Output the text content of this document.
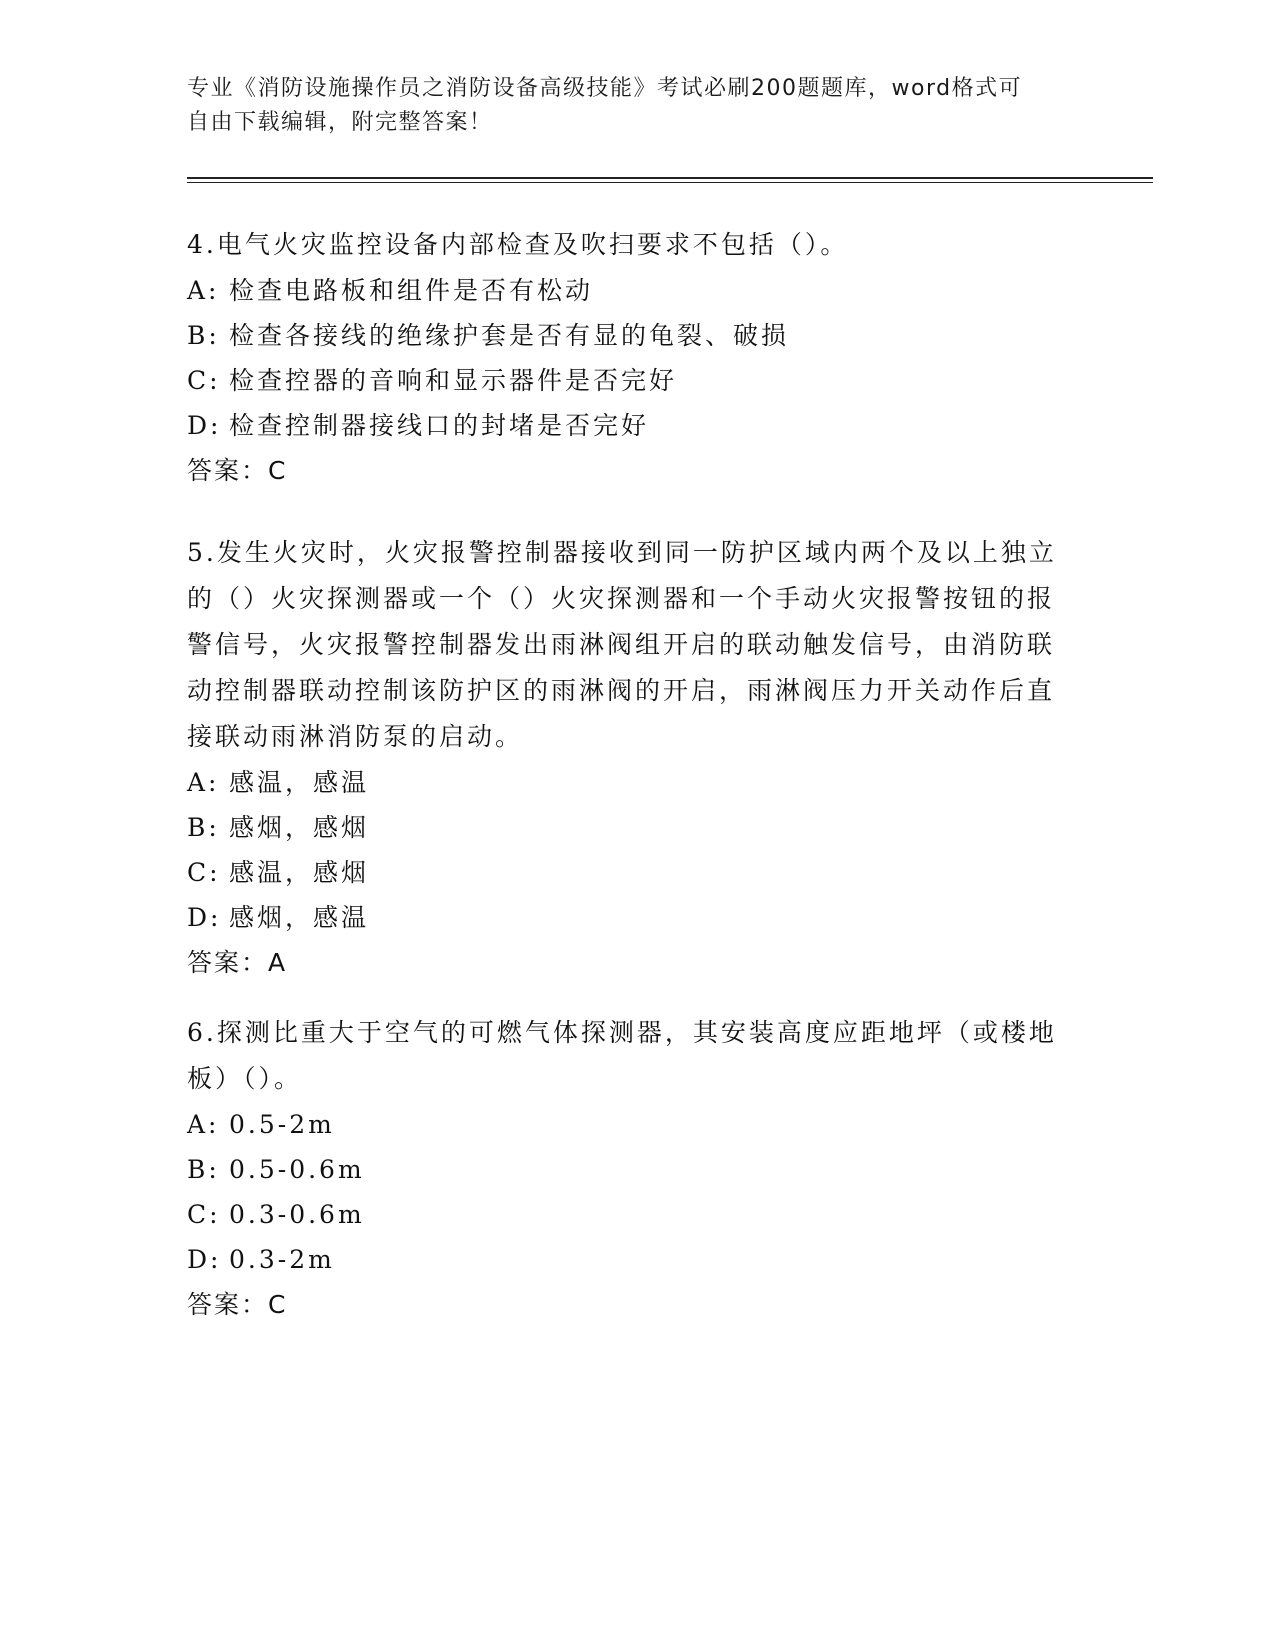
专业《消防设施操作员之消防设备高级技能》考试必刷200题题库，word格式可
自由下载编辑，附完整答案！

4.电气火灾监控设备内部检查及吹扫要求不包括（）。

A: 检查电路板和组件是否有松动

B: 检查各接线的绝缘护套是否有显的龟裂、破损

C: 检查控器的音响和显示器件是否完好

D: 检查控制器接线口的封堵是否完好

答案：C

5.发生火灾时，火灾报警控制器接收到同一防护区域内两个及以上独立的（）火灾探测器或一个（）火灾探测器和一个手动火灾报警按钮的报警信号，火灾报警控制器发出雨淋阀组开启的联动触发信号，由消防联动控制器联动控制该防护区的雨淋阀的开启，雨淋阀压力开关动作后直接联动雨淋消防泵的启动。

A: 感温，感温

B: 感烟，感烟

C: 感温，感烟

D: 感烟，感温

答案：A

6.探测比重大于空气的可燃气体探测器，其安装高度应距地坪（或楼地板）（）。

A: 0.5-2m

B: 0.5-0.6m

C: 0.3-0.6m

D: 0.3-2m

答案：C
